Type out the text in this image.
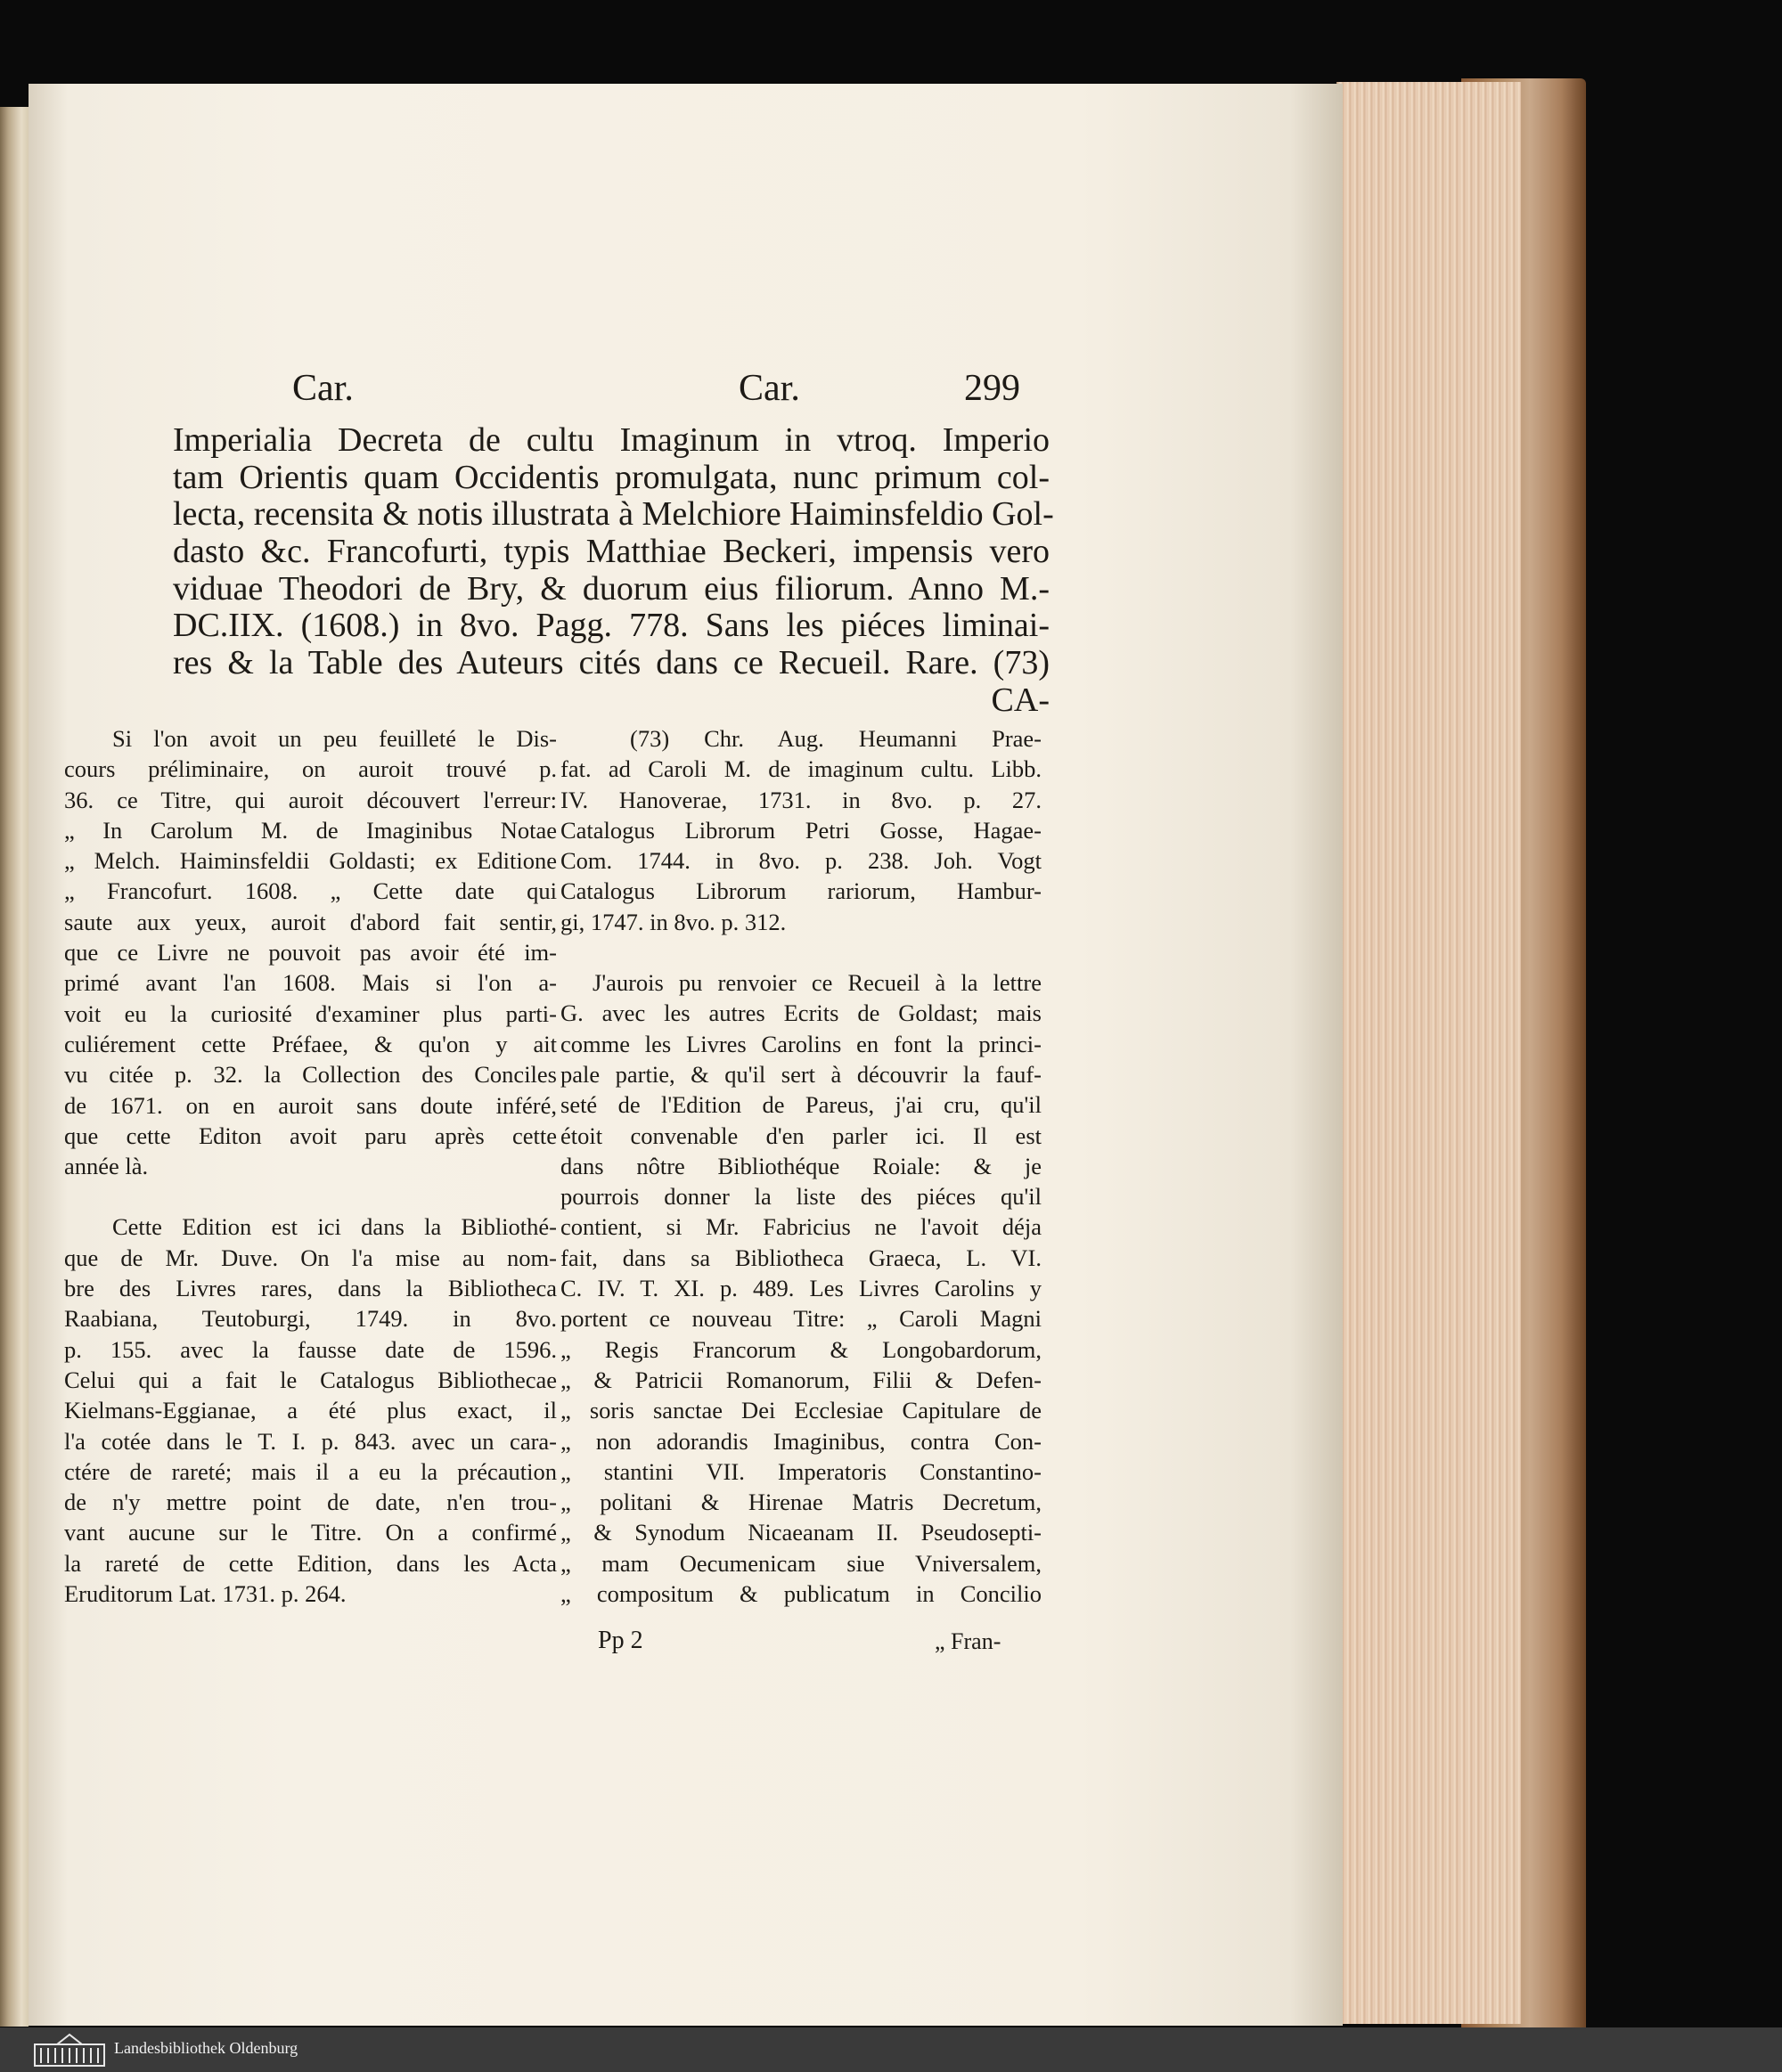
Car.	Car.	299
Imperialia Decreta de cultu Imaginum in vtroq. Imperio
tam Orientis quam Occidentis promulgata, nunc primum col-
lecta, recensita & notis illustrata à Melchiore Haiminsfeldio Gol-
dasto &c. Francofurti, typis Matthiae Beckeri, impensis vero
viduae Theodori de Bry, & duorum eius filiorum. Anno M.-
DC.IIX. (1608.) in 8vo. Pagg. 778. Sans les piéces liminai-
res & la Table des Auteurs cités dans ce Recueil. Rare. (73)
CA-
Si l'on avoit un peu feuilleté le Dis-
cours préliminaire, on auroit trouvé p.
36. ce Titre, qui auroit découvert l'erreur:
„ In Carolum M. de Imaginibus Notae
„ Melch. Haiminsfeldii Goldasti; ex Editione
„ Francofurt. 1608. „ Cette date qui
saute aux yeux, auroit d'abord fait sentir,
que ce Livre ne pouvoit pas avoir été im-
primé avant l'an 1608. Mais si l'on a-
voit eu la curiosité d'examiner plus parti-
culiérement cette Préfaee, & qu'on y ait
vu citée p. 32. la Collection des Conciles
de 1671. on en auroit sans doute inféré,
que cette Editon avoit paru après cette
année là.
Cette Edition est ici dans la Bibliothé-
que de Mr. Duve. On l'a mise au nom-
bre des Livres rares, dans la Bibliotheca
Raabiana, Teutoburgi, 1749. in 8vo.
p. 155. avec la fausse date de 1596.
Celui qui a fait le Catalogus Bibliothecae
Kielmans-Eggianae, a été plus exact, il
l'a cotée dans le T. I. p. 843. avec un cara-
ctére de rareté; mais il a eu la précaution
de n'y mettre point de date, n'en trou-
vant aucune sur le Titre. On a confirmé
la rareté de cette Edition, dans les Acta
Eruditorum Lat. 1731. p. 264.
(73) Chr. Aug. Heumanni Prae-
fat. ad Caroli M. de imaginum cultu. Libb.
IV. Hanoverae, 1731. in 8vo. p. 27.
Catalogus Librorum Petri Gosse, Hagae-
Com. 1744. in 8vo. p. 238. Joh. Vogt
Catalogus Librorum rariorum, Hambur-
gi, 1747. in 8vo. p. 312.
J'aurois pu renvoier ce Recueil à la lettre
G. avec les autres Ecrits de Goldast; mais
comme les Livres Carolins en font la princi-
pale partie, & qu'il sert à découvrir la fauf-
seté de l'Edition de Pareus, j'ai cru, qu'il
étoit convenable d'en parler ici. Il est
dans nôtre Bibliothéque Roiale: & je
pourrois donner la liste des piéces qu'il
contient, si Mr. Fabricius ne l'avoit déja
fait, dans sa Bibliotheca Graeca, L. VI.
C. IV. T. XI. p. 489. Les Livres Carolins y
portent ce nouveau Titre: „ Caroli Magni
„ Regis Francorum & Longobardorum,
„ & Patricii Romanorum, Filii & Defen-
„ soris sanctae Dei Ecclesiae Capitulare de
„ non adorandis Imaginibus, contra Con-
„ stantini VII. Imperatoris Constantino-
„ politani & Hirenae Matris Decretum,
„ & Synodum Nicaeanam II. Pseudosepti-
„ mam Oecumenicam siue Vniversalem,
„ compositum & publicatum in Concilio
Pp 2	„ Fran-
Landesbibliothek Oldenburg
